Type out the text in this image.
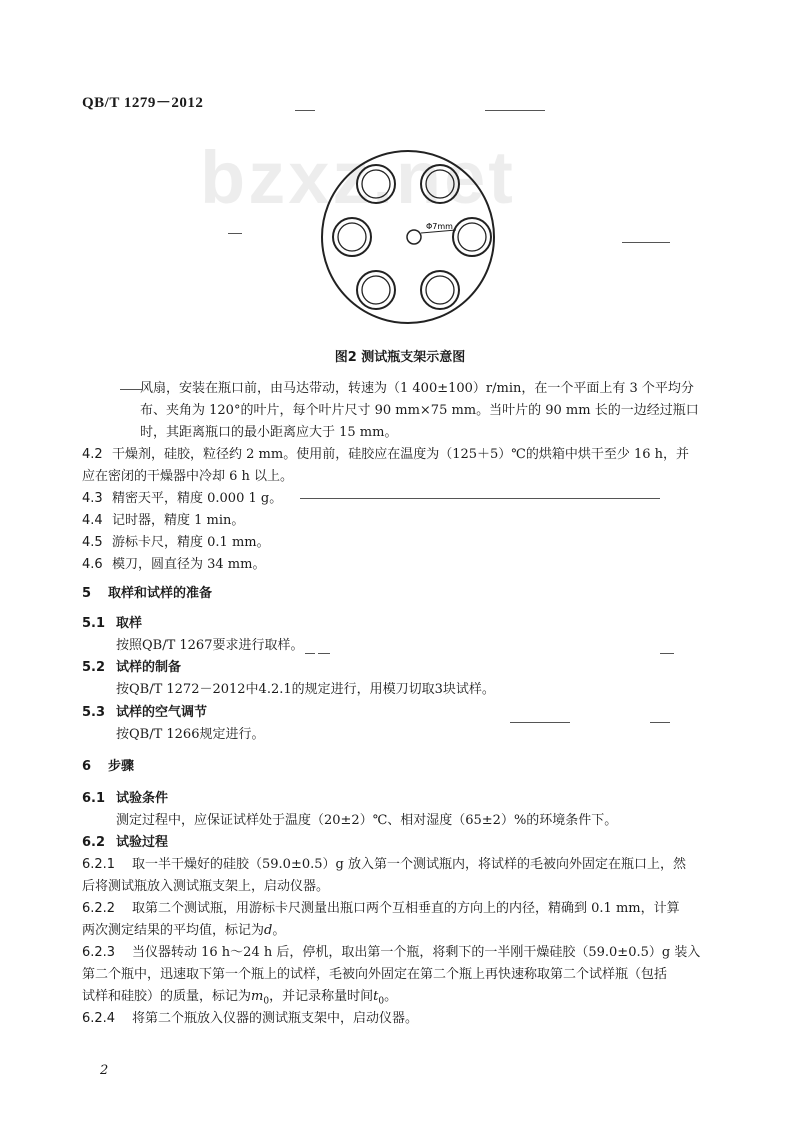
QB/T 1279－2012
bzxz.net
Φ7mm
图2 测试瓶支架示意图
风扇，安装在瓶口前，由马达带动，转速为（1 400±100）r/min，在一个平面上有 3 个平均分
布、夹角为 120°的叶片，每个叶片尺寸 90 mm×75 mm。当叶片的 90 mm 长的一边经过瓶口
时，其距离瓶口的最小距离应大于 15 mm。
4.2 干燥剂，硅胶，粒径约 2 mm。使用前，硅胶应在温度为（125＋5）℃的烘箱中烘干至少 16 h，并
应在密闭的干燥器中冷却 6 h 以上。
4.3 精密天平，精度 0.000 1 g。
4.4 记时器，精度 1 min。
4.5 游标卡尺，精度 0.1 mm。
4.6 模刀，圆直径为 34 mm。
5 取样和试样的准备
5.1 取样
按照QB/T 1267要求进行取样。
5.2 试样的制备
按QB/T 1272－2012中4.2.1的规定进行，用模刀切取3块试样。
5.3 试样的空气调节
按QB/T 1266规定进行。
6 步骤
6.1 试验条件
测定过程中，应保证试样处于温度（20±2）℃、相对湿度（65±2）%的环境条件下。
6.2 试验过程
6.2.1 取一半干燥好的硅胶（59.0±0.5）g 放入第一个测试瓶内，将试样的毛被向外固定在瓶口上，然
后将测试瓶放入测试瓶支架上，启动仪器。
6.2.2 取第二个测试瓶，用游标卡尺测量出瓶口两个互相垂直的方向上的内径，精确到 0.1 mm，计算
两次测定结果的平均值，标记为d。
6.2.3 当仪器转动 16 h～24 h 后，停机，取出第一个瓶，将剩下的一半刚干燥硅胶（59.0±0.5）g 装入
第二个瓶中，迅速取下第一个瓶上的试样，毛被向外固定在第二个瓶上再快速称取第二个试样瓶（包括
试样和硅胶）的质量，标记为$m_0$，并记录称量时间$t_0$。
6.2.4 将第二个瓶放入仪器的测试瓶支架中，启动仪器。
2
